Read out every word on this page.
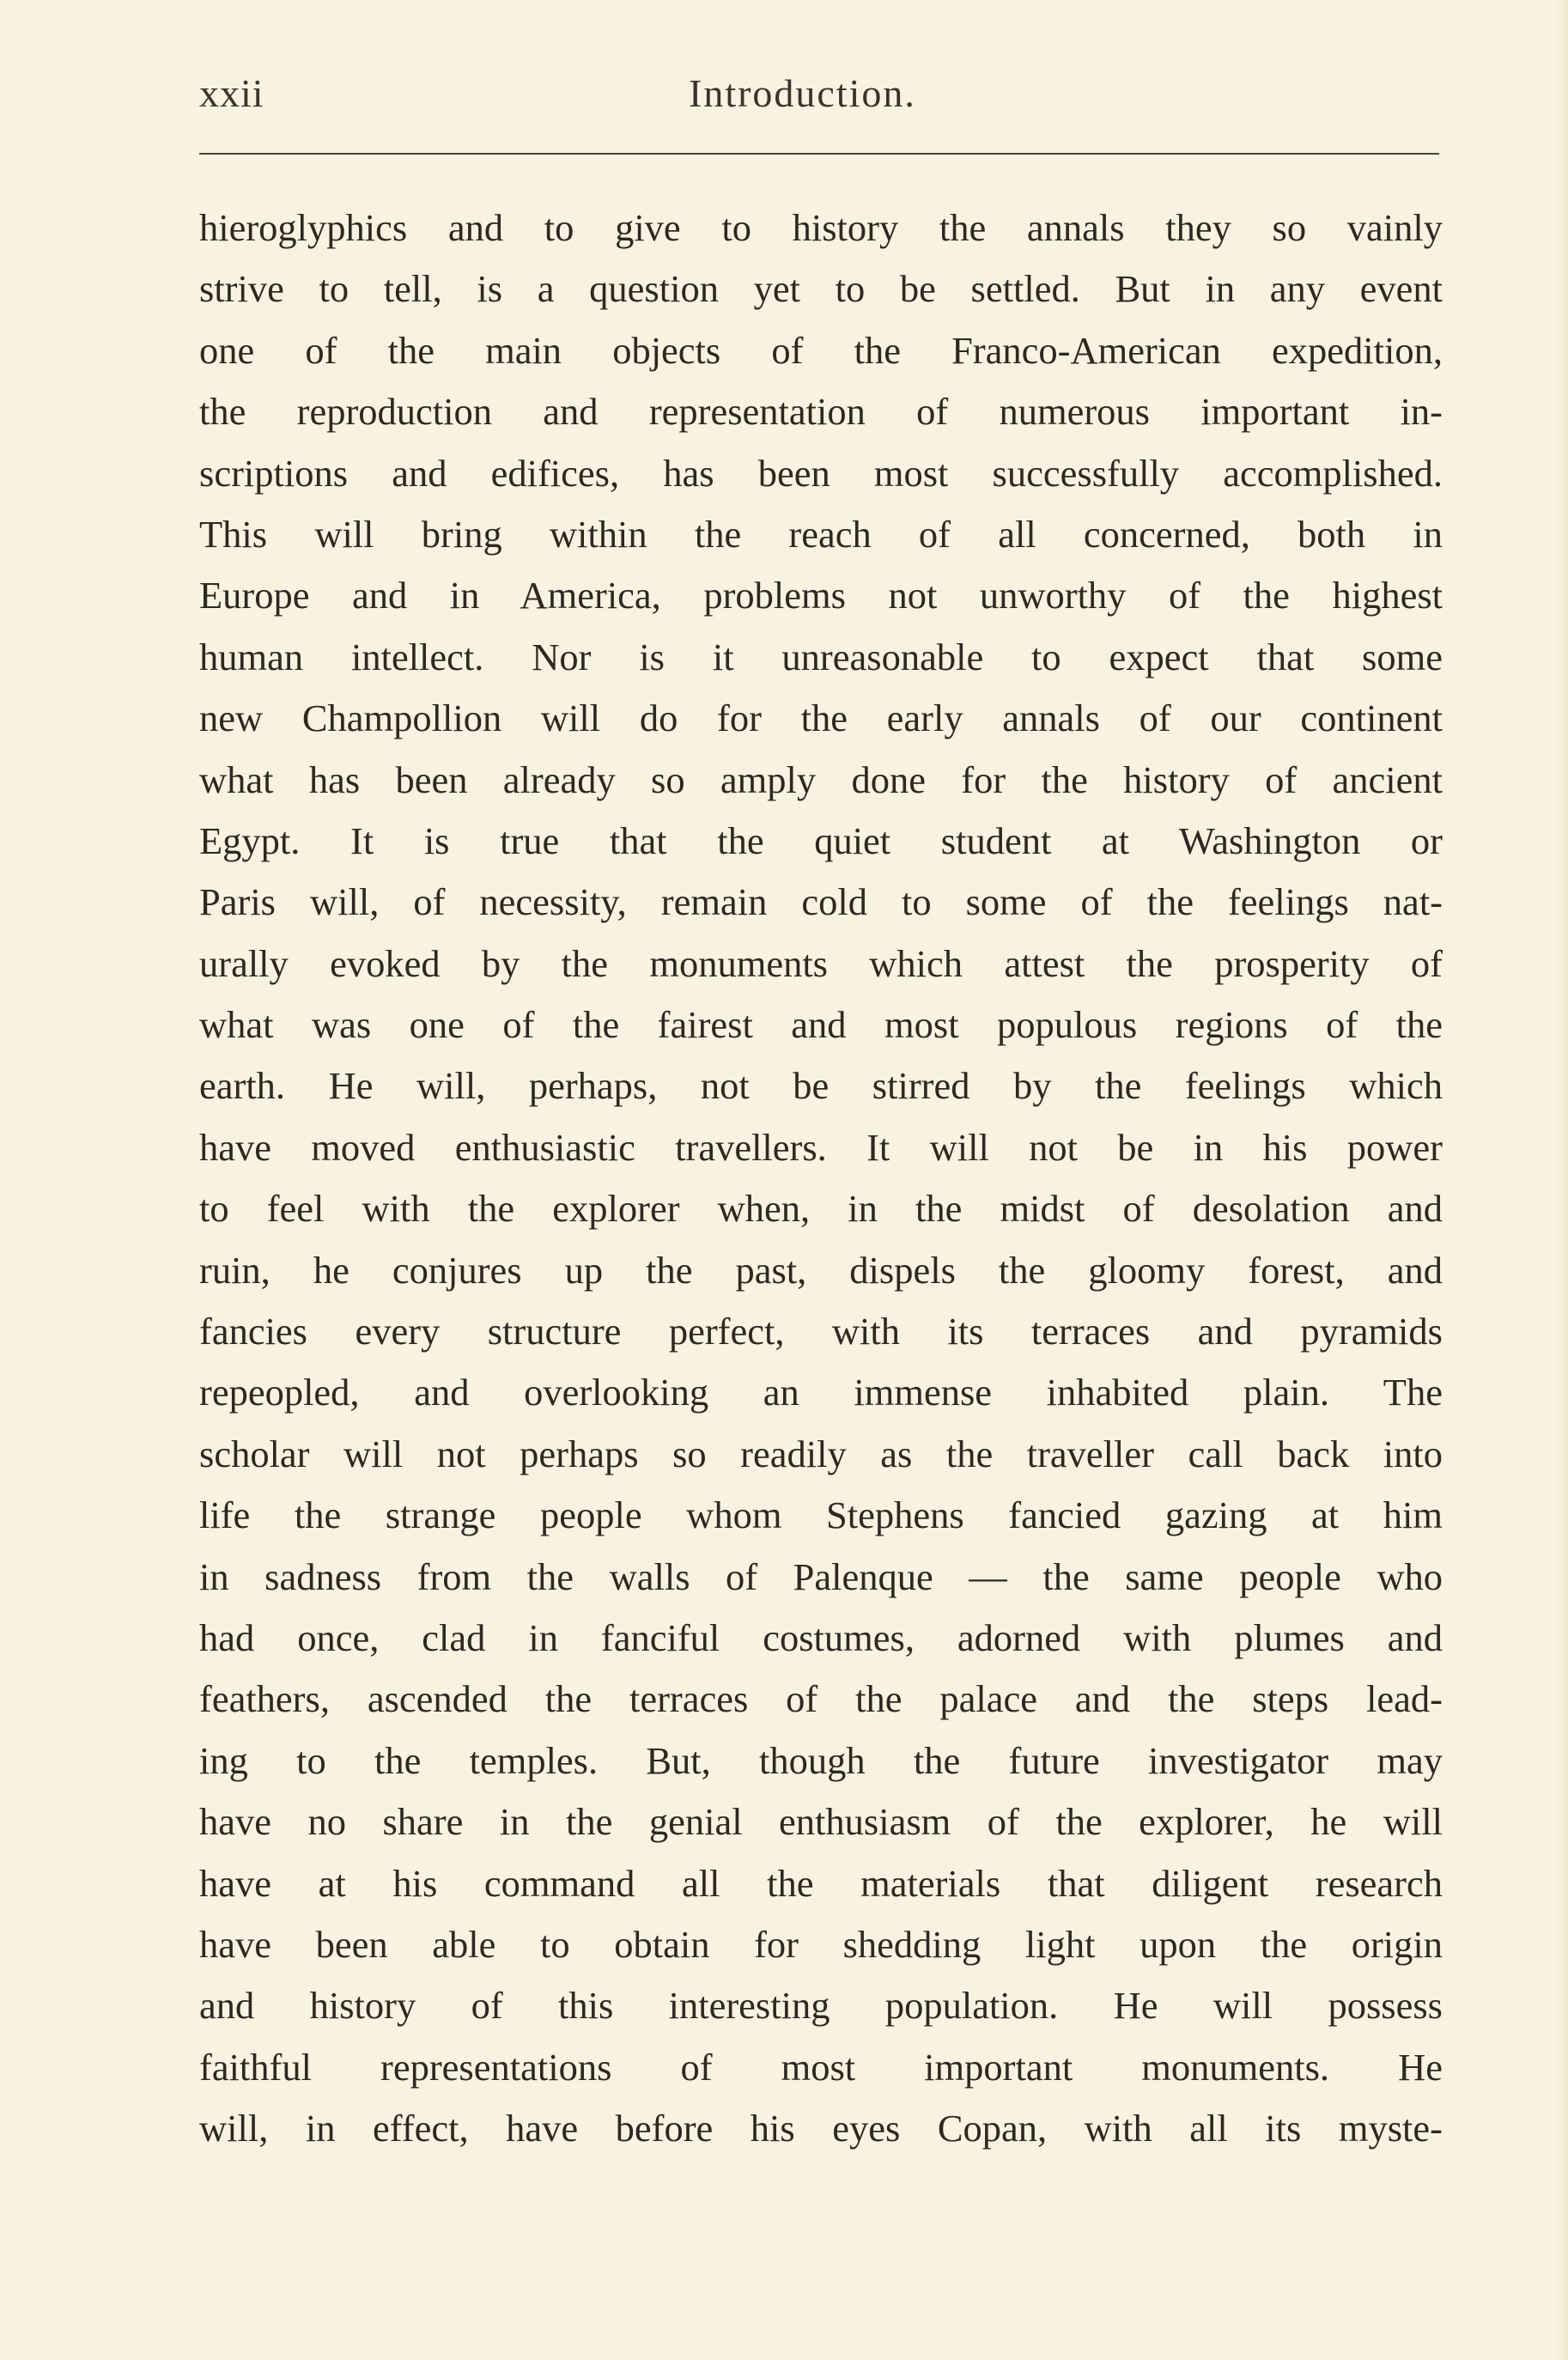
xxii	Introduction.
hieroglyphics and to give to history the annals they so vainly
strive to tell, is a question yet to be settled. But in any event
one of the main objects of the Franco-American expedition,
the reproduction and representation of numerous important in-
scriptions and edifices, has been most successfully accomplished.
This will bring within the reach of all concerned, both in
Europe and in America, problems not unworthy of the highest
human intellect. Nor is it unreasonable to expect that some
new Champollion will do for the early annals of our continent
what has been already so amply done for the history of ancient
Egypt. It is true that the quiet student at Washington or
Paris will, of necessity, remain cold to some of the feelings nat-
urally evoked by the monuments which attest the prosperity of
what was one of the fairest and most populous regions of the
earth. He will, perhaps, not be stirred by the feelings which
have moved enthusiastic travellers. It will not be in his power
to feel with the explorer when, in the midst of desolation and
ruin, he conjures up the past, dispels the gloomy forest, and
fancies every structure perfect, with its terraces and pyramids
repeopled, and overlooking an immense inhabited plain. The
scholar will not perhaps so readily as the traveller call back into
life the strange people whom Stephens fancied gazing at him
in sadness from the walls of Palenque — the same people who
had once, clad in fanciful costumes, adorned with plumes and
feathers, ascended the terraces of the palace and the steps lead-
ing to the temples. But, though the future investigator may
have no share in the genial enthusiasm of the explorer, he will
have at his command all the materials that diligent research
have been able to obtain for shedding light upon the origin
and history of this interesting population. He will possess
faithful representations of most important monuments. He
will, in effect, have before his eyes Copan, with all its myste-
